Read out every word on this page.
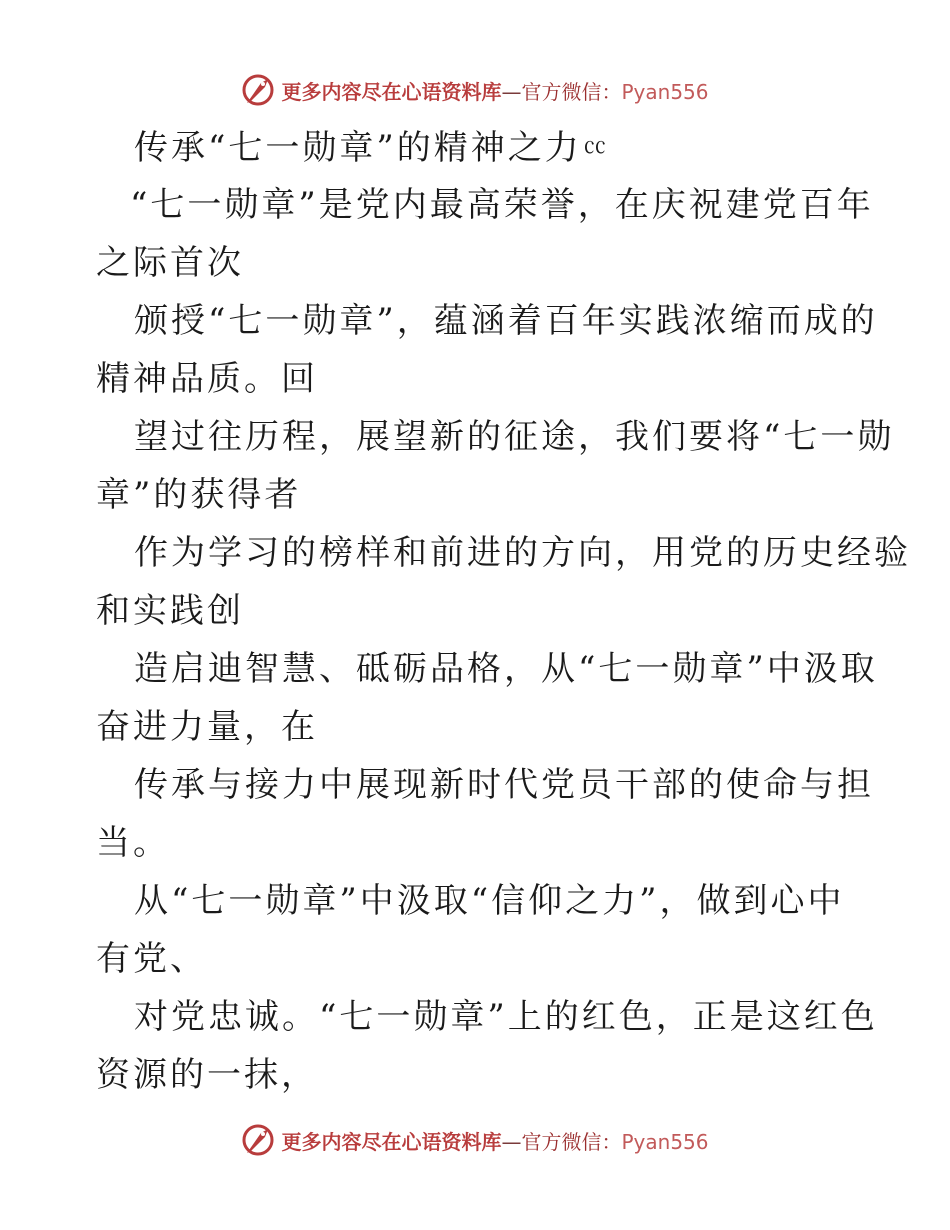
更多内容尽在心语资料库—官方微信：Pyan556
传承“七一勋章”的精神之力㏄
“七一勋章”是党内最高荣誉，在庆祝建党百年
之际首次
颁授“七一勋章”，蕴涵着百年实践浓缩而成的
精神品质。回
望过往历程，展望新的征途，我们要将“七一勋
章”的获得者
作为学习的榜样和前进的方向，用党的历史经验
和实践创
造启迪智慧、砥砺品格，从“七一勋章”中汲取
奋进力量，在
传承与接力中展现新时代党员干部的使命与担
当。
从“七一勋章”中汲取“信仰之力”，做到心中
有党、
对党忠诚。“七一勋章”上的红色，正是这红色
资源的一抹，
更多内容尽在心语资料库—官方微信：Pyan556
